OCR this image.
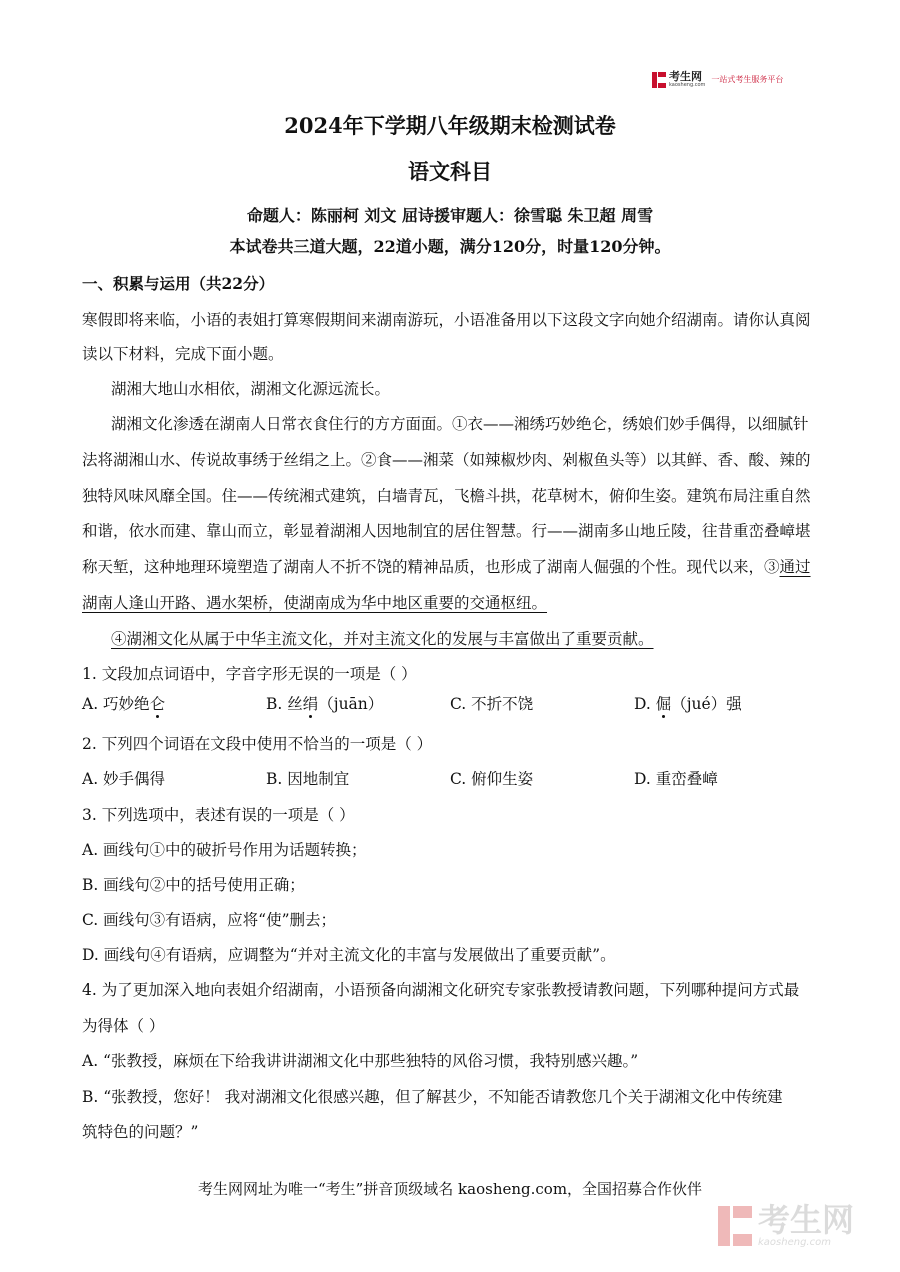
考生网
kaosheng.com
一站式考生服务平台
2024年下学期八年级期末检测试卷
语文科目
命题人：陈丽柯 刘文 屈诗援审题人：徐雪聪 朱卫超 周雪
本试卷共三道大题，22道小题，满分120分，时量120分钟。
一、积累与运用（共22分）
寒假即将来临，小语的表姐打算寒假期间来湖南游玩，小语准备用以下这段文字向她介绍湖南。请你认真阅
读以下材料，完成下面小题。
湖湘大地山水相依，湖湘文化源远流长。
湖湘文化渗透在湖南人日常衣食住行的方方面面。①衣——湘绣巧妙绝仑，绣娘们妙手偶得，以细腻针
法将湖湘山水、传说故事绣于丝绢之上。②食——湘菜（如辣椒炒肉、剁椒鱼头等）以其鲜、香、酸、辣的
独特风味风靡全国。住——传统湘式建筑，白墙青瓦，飞檐斗拱，花草树木，俯仰生姿。建筑布局注重自然
和谐，依水而建、靠山而立，彰显着湖湘人因地制宜的居住智慧。行——湖南多山地丘陵，往昔重峦叠嶂堪
称天堑，这种地理环境塑造了湖南人不折不饶的精神品质，也形成了湖南人倔强的个性。现代以来，③通过
湖南人逢山开路、遇水架桥，使湖南成为华中地区重要的交通枢纽。
④湖湘文化从属于中华主流文化，并对主流文化的发展与丰富做出了重要贡献。
1. 文段加点词语中，字音字形无误的一项是（ ）
A. 巧妙绝仑	B. 丝绢（juān）	C. 不折不饶	D. 倔（jué）强
2. 下列四个词语在文段中使用不恰当的一项是（ ）
A. 妙手偶得	B. 因地制宜	C. 俯仰生姿	D. 重峦叠嶂
3. 下列选项中，表述有误的一项是（ ）
A. 画线句①中的破折号作用为话题转换；
B. 画线句②中的括号使用正确；
C. 画线句③有语病，应将“使”删去；
D. 画线句④有语病，应调整为“并对主流文化的丰富与发展做出了重要贡献”。
4. 为了更加深入地向表姐介绍湖南，小语预备向湖湘文化研究专家张教授请教问题，下列哪种提问方式最
为得体（ ）
A. “张教授，麻烦在下给我讲讲湖湘文化中那些独特的风俗习惯，我特别感兴趣。”
B. “张教授，您好！ 我对湖湘文化很感兴趣，但了解甚少，不知能否请教您几个关于湖湘文化中传统建
筑特色的问题？”
考生网网址为唯一“考生”拼音顶级域名 kaosheng.com，全国招募合作伙伴
考生网
kaosheng.com
